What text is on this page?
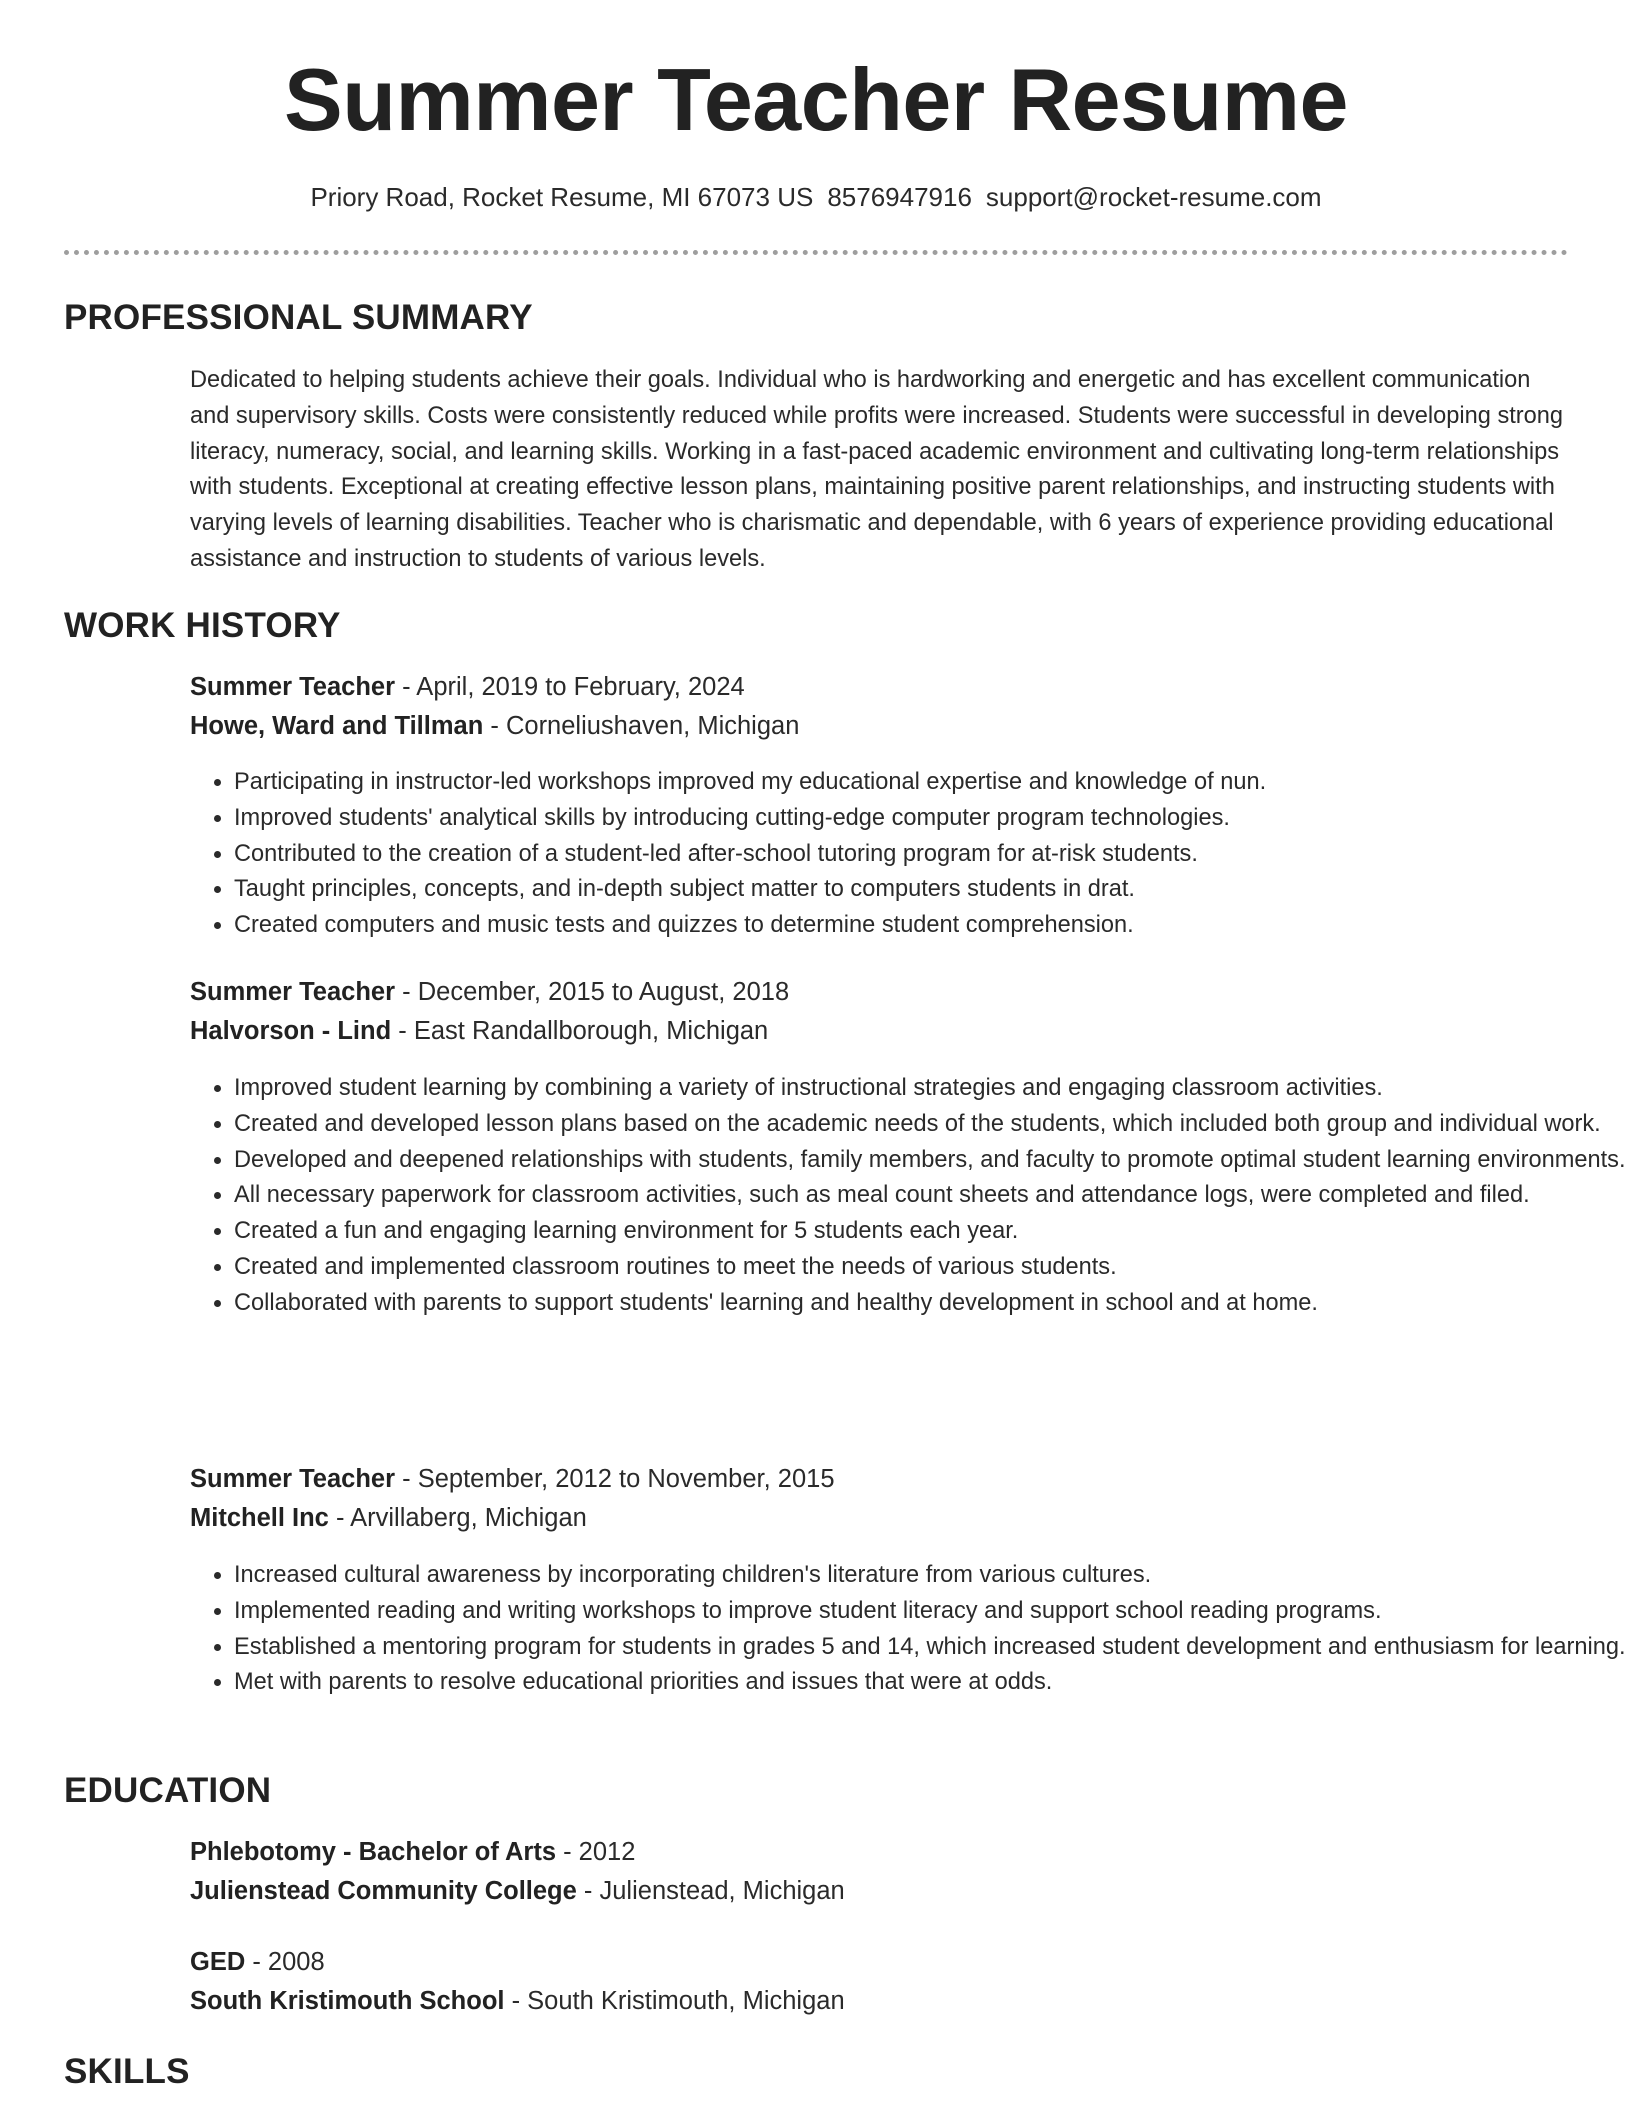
Summer Teacher Resume
Priory Road, Rocket Resume, MI 67073 US 8576947916 support@rocket-resume.com
PROFESSIONAL SUMMARY
Dedicated to helping students achieve their goals. Individual who is hardworking and energetic and has excellent communication and supervisory skills. Costs were consistently reduced while profits were increased. Students were successful in developing strong literacy, numeracy, social, and learning skills. Working in a fast-paced academic environment and cultivating long-term relationships with students. Exceptional at creating effective lesson plans, maintaining positive parent relationships, and instructing students with varying levels of learning disabilities. Teacher who is charismatic and dependable, with 6 years of experience providing educational assistance and instruction to students of various levels.
WORK HISTORY
Summer Teacher - April, 2019 to February, 2024
Howe, Ward and Tillman - Corneliushaven, Michigan
• Participating in instructor-led workshops improved my educational expertise and knowledge of nun.
• Improved students' analytical skills by introducing cutting-edge computer program technologies.
• Contributed to the creation of a student-led after-school tutoring program for at-risk students.
• Taught principles, concepts, and in-depth subject matter to computers students in drat.
• Created computers and music tests and quizzes to determine student comprehension.
Summer Teacher - December, 2015 to August, 2018
Halvorson - Lind - East Randallborough, Michigan
• Improved student learning by combining a variety of instructional strategies and engaging classroom activities.
• Created and developed lesson plans based on the academic needs of the students, which included both group and individual work.
• Developed and deepened relationships with students, family members, and faculty to promote optimal student learning environments.
• All necessary paperwork for classroom activities, such as meal count sheets and attendance logs, were completed and filed.
• Created a fun and engaging learning environment for 5 students each year.
• Created and implemented classroom routines to meet the needs of various students.
• Collaborated with parents to support students' learning and healthy development in school and at home.
Summer Teacher - September, 2012 to November, 2015
Mitchell Inc - Arvillaberg, Michigan
• Increased cultural awareness by incorporating children's literature from various cultures.
• Implemented reading and writing workshops to improve student literacy and support school reading programs.
• Established a mentoring program for students in grades 5 and 14, which increased student development and enthusiasm for learning.
• Met with parents to resolve educational priorities and issues that were at odds.
EDUCATION
Phlebotomy - Bachelor of Arts - 2012
Julienstead Community College - Julienstead, Michigan
GED - 2008
South Kristimouth School - South Kristimouth, Michigan
SKILLS
